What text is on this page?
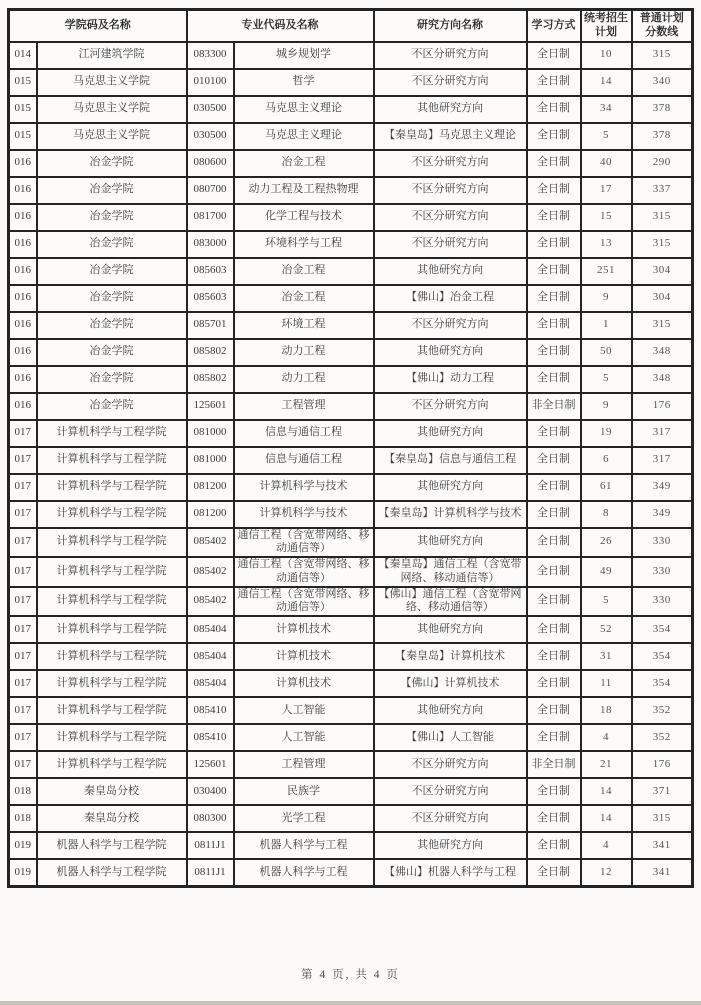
学院码及名称		专业代码及名称		研究方向名称	学习方式	统考招生计划	普通计划分数线
014	江河建筑学院	083300	城乡规划学	不区分研究方向	全日制	10	315
015	马克思主义学院	010100	哲学	不区分研究方向	全日制	14	340
015	马克思主义学院	030500	马克思主义理论	其他研究方向	全日制	34	378
015	马克思主义学院	030500	马克思主义理论	【秦皇岛】马克思主义理论	全日制	5	378
016	冶金学院	080600	冶金工程	不区分研究方向	全日制	40	290
016	冶金学院	080700	动力工程及工程热物理	不区分研究方向	全日制	17	337
016	冶金学院	081700	化学工程与技术	不区分研究方向	全日制	15	315
016	冶金学院	083000	环境科学与工程	不区分研究方向	全日制	13	315
016	冶金学院	085603	冶金工程	其他研究方向	全日制	251	304
016	冶金学院	085603	冶金工程	【佛山】冶金工程	全日制	9	304
016	冶金学院	085701	环境工程	不区分研究方向	全日制	1	315
016	冶金学院	085802	动力工程	其他研究方向	全日制	50	348
016	冶金学院	085802	动力工程	【佛山】动力工程	全日制	5	348
016	冶金学院	125601	工程管理	不区分研究方向	非全日制	9	176
017	计算机科学与工程学院	081000	信息与通信工程	其他研究方向	全日制	19	317
017	计算机科学与工程学院	081000	信息与通信工程	【秦皇岛】信息与通信工程	全日制	6	317
017	计算机科学与工程学院	081200	计算机科学与技术	其他研究方向	全日制	61	349
017	计算机科学与工程学院	081200	计算机科学与技术	【秦皇岛】计算机科学与技术	全日制	8	349
017	计算机科学与工程学院	085402	通信工程（含宽带网络、移动通信等）	其他研究方向	全日制	26	330
017	计算机科学与工程学院	085402	通信工程（含宽带网络、移动通信等）	【秦皇岛】通信工程（含宽带网络、移动通信等）	全日制	49	330
017	计算机科学与工程学院	085402	通信工程（含宽带网络、移动通信等）	【佛山】通信工程（含宽带网络、移动通信等）	全日制	5	330
017	计算机科学与工程学院	085404	计算机技术	其他研究方向	全日制	52	354
017	计算机科学与工程学院	085404	计算机技术	【秦皇岛】计算机技术	全日制	31	354
017	计算机科学与工程学院	085404	计算机技术	【佛山】计算机技术	全日制	11	354
017	计算机科学与工程学院	085410	人工智能	其他研究方向	全日制	18	352
017	计算机科学与工程学院	085410	人工智能	【佛山】人工智能	全日制	4	352
017	计算机科学与工程学院	125601	工程管理	不区分研究方向	非全日制	21	176
018	秦皇岛分校	030400	民族学	不区分研究方向	全日制	14	371
018	秦皇岛分校	080300	光学工程	不区分研究方向	全日制	14	315
019	机器人科学与工程学院	0811J1	机器人科学与工程	其他研究方向	全日制	4	341
019	机器人科学与工程学院	0811J1	机器人科学与工程	【佛山】机器人科学与工程	全日制	12	341
第 4 页, 共 4 页
